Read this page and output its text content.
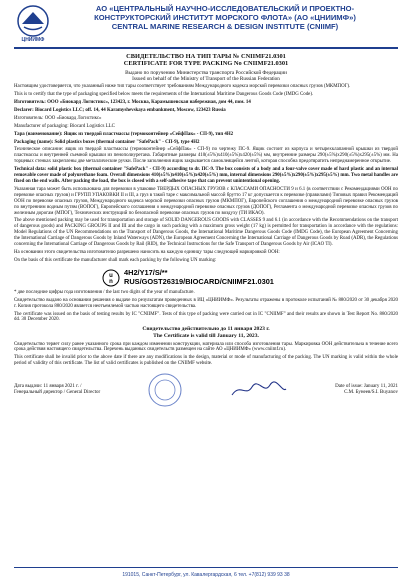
ЦНИИМФ
АО «ЦЕНТРАЛЬНЫЙ НАУЧНО-ИССЛЕДОВАТЕЛЬСКИЙ И ПРОЕКТНО-
КОНСТРУКТОРСКИЙ ИНСТИТУТ МОРСКОГО ФЛОТА» (АО «ЦНИИМФ»)
CENTRAL MARINE RESEARCH & DESIGN INSTITUTE (CNIIMF)
СВИДЕТЕЛЬСТВО НА ТИП ТАРЫ № CNIIMF21.0301
CERTIFICATE FOR TYPE PACKING No CNIIMF21.0301
Выдано по поручению Министерства транспорта Российской Федерации
Issued on behalf of the Ministry of Transport of the Russian Federation
Настоящим удостоверяется, что указанный ниже тип тары соответствует требованиям Международного кодекса морской перевозки опасных грузов (МКМПОГ).
This is to certify that the type of packaging specified below meets the requirements of the International Maritime Dangerous Goods Code (IMDG Code).
Изготовитель: ООО «Биокард Логистикс», 123423, г. Москва, Карамышевская набережная, дом 44, пом. 14
Declarer: Biocard Logistics LLC; off. 14, 44 Karamyshevskaya embankment, Moscow, 123423 Russia
Изготовитель: ООО «Биокард Логистикс»
Manufacturer of packaging: Biocard Logistics LLC
Тара (наименование): Ящик из твердой пластмассы (термоконтейнер «СейфПак» - CП-9), тип 4Н2
Packaging (name): Solid plastics boxes (thermal container "SafePack" - CП-9), type 4H2
Техническое описание: ящик из твердой пластмассы (термоконтейнер «СейфПак» - CП-9) по чертежу ПС-9. Ящик состоит из корпуса и четырехклапанной крышки из твердой пластмассы и внутренней съемной крышки из пенополиуретана. Габаритные размеры 410(±5%)х410(±5%)х420(±5%) мм, внутренние размеры 290(±5%)х290(±5%)х295(±5%) мм. На торцевых стенках закреплены две металлические ручки. После заполнения ящик закрывается самоклеящейся лентой, которая способна предотвратить непреднамеренное открытие.
Technical data: solid plastic box (thermal container "SafePack" - CП-9) according to dr. ПС-9. The box consists of a body and a four-valve cover made of hard plastic and an internal removable cover made of polyurethane foam. Overall dimensions 410(±5%)х410(±5%)х420(±5%) mm, internal dimensions 290(±5%)х290(±5%)х295(±5%) mm. Two metal handles are fixed on the end walls. After packing the load, the box is closed with a self-adhesive tape that can prevent unintentional opening.
Указанная тара может быть использована для перевозки в упаковке ТВЕРДЫХ ОПАСНЫХ ГРУЗОВ с КЛАССАМИ ОПАСНОСТИ 9 и 6.1 (в соответствии с Рекомендациями ООН по перевозке опасных грузов) и ГРУПП УПАКОВКИ II и III, а груз в такой таре с максимальной массой брутто 17 кг допускается к перевозке (правилами) Типовых правил Рекомендаций ООН по перевозке опасных грузов, Международного кодекса морской перевозки опасных грузов (МКМПОГ), Европейского соглашения о международной перевозке опасных грузов по внутренним водным путям (ВОПОГ), Европейского соглашения о международной перевозке опасных грузов (ДОПОГ), Регламента о международной перевозке опасных грузов по железным дорогам (МПОГ), Технических инструкций по безопасной перевозке опасных грузов по воздуху (ТИ ИКАО).
The above mentioned packing may be used for transportation and storage of SOLID DANGEROUS GOODS with CLASSES 9 and 6.1 (in accordance with the Recommendations on the transport of dangerous goods) and PACKING GROUPS II and III and the cargo in such packing with a maximum gross weight (17 kg) is permitted for transportation in accordance with the regulations: Model Regulations of the UN Recommendations on the Transport of Dangerous Goods, the International Maritime Dangerous Goods Code (IMDG Code), the European Agreement Concerning the International Carriage of Dangerous Goods by Inland Waterways (ADN), the European Agreement Concerning the International Carriage of Dangerous Goods by Road (ADR), the Regulations concerning the International Carriage of Dangerous Goods by Rail (RID), the Technical Instructions for the Safe Transport of Dangerous Goods by Air (ICAO TI).
На основании этого свидетельства изготовителю разрешено наносить на каждую единицу тары следующей маркировкой ООН:
On the basis of this certificate the manufacturer shall mark each packing by the following UN marking:
u
n
4H2/Y17/S/**
RUS/GOST26319/BIOCARD/CNIIMF21.0301
* две последние цифры года изготовления / the last two digits of the year of manufacture.
Свидетельство выдано на основании решения о выдаче по результатам проведенных в ИЦ «ЦНИИМФ». Результаты отражены в протоколе испытаний № 880/2020 от 30 декабря 2020 г. Копия протокола 880/2020 является неотъемлемой частью настоящего свидетельства.
The certificate was issued on the basis of testing results by IC "CNIIMF". Tests of this type of packing were carried out in IC "CNIIMF" and their results are shown in Test Report No. 880/2020 dd. 30 December 2020.
Свидетельство действительно до 11 января 2023 г.
The Certificate is valid till January 11, 2023.
Свидетельство теряет силу ранее указанного срока при каждом изменении конструкции, материала или способа изготовления тары. Маркировка ООН действительна в течение всего срока действия настоящего свидетельства. Перечень выданных свидетельств размещен на сайте АО «ЦНИИМФ» (www.cniimf.ru).
This certificate shall be invalid prior to the above date if there are any modifications in the design, material or mode of manufacturing of the packing. The UN marking is valid within the whole period of validity of this certificate. The list of valid certificates is published on the CNIIMF website.
Дата выдачи: 11 января 2021 г. /
Генеральный директор / General Director
Date of issue: January 11, 2021
С.М. Бунеев/S.I. Buyanov
191015, Санкт-Петербург, ул. Кавалергардская, 6 тел. +7(812) 939 93 38
